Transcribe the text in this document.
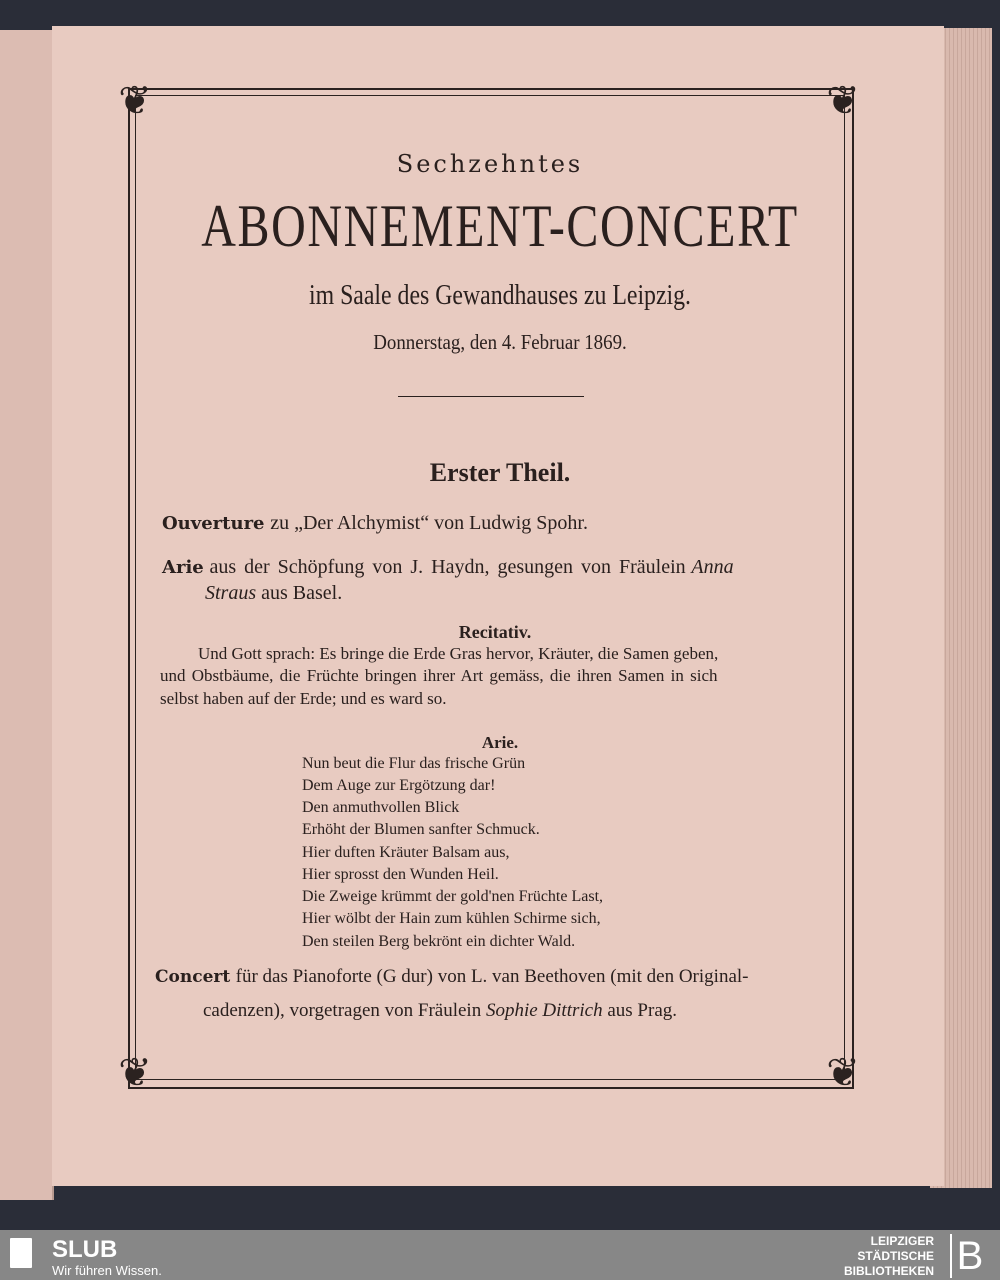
❦	❦
❦	❦
Sechzehntes
ABONNEMENT-CONCERT
im Saale des Gewandhauses zu Leipzig.
Donnerstag, den 4. Februar 1869.
Erster Theil.
Ouverture zu „Der Alchymist“ von Ludwig Spohr.
Arie aus der Schöpfung von J. Haydn, gesungen von Fräulein Anna
Straus aus Basel.
Recitativ.
Und Gott sprach: Es bringe die Erde Gras hervor, Kräuter, die Samen geben,
und Obstbäume, die Früchte bringen ihrer Art gemäss, die ihren Samen in sich
selbst haben auf der Erde; und es ward so.
Arie.
Nun beut die Flur das frische Grün
Dem Auge zur Ergötzung dar!
Den anmuthvollen Blick
Erhöht der Blumen sanfter Schmuck.
Hier duften Kräuter Balsam aus,
Hier sprosst den Wunden Heil.
Die Zweige krümmt der gold'nen Früchte Last,
Hier wölbt der Hain zum kühlen Schirme sich,
Den steilen Berg bekrönt ein dichter Wald.
Concert für das Pianoforte (G dur) von L. van Beethoven (mit den Original-
cadenzen), vorgetragen von Fräulein Sophie Dittrich aus Prag.
SLUB
Wir führen Wissen.
LEIPZIGER
STÄDTISCHE
BIBLIOTHEKEN B
